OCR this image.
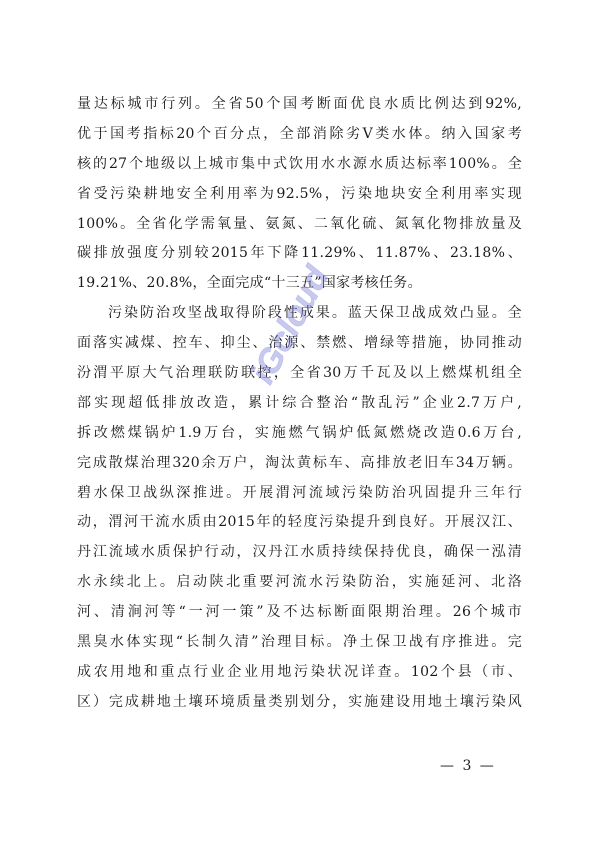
量达标城市行列。全省50个国考断面优良水质比例达到92%,
优于国考指标20个百分点，全部消除劣Ⅴ类水体。纳入国家考
核的27个地级以上城市集中式饮用水水源水质达标率100%。全
省受污染耕地安全利用率为92.5%，污染地块安全利用率实现
100%。全省化学需氧量、氨氮、二氧化硫、氮氧化物排放量及
碳排放强度分别较2015年下降11.29%、11.87%、23.18%、
19.21%、20.8%，全面完成“十三五”国家考核任务。
污染防治攻坚战取得阶段性成果。蓝天保卫战成效凸显。全
面落实减煤、控车、抑尘、治源、禁燃、增绿等措施，协同推动
汾渭平原大气治理联防联控，全省30万千瓦及以上燃煤机组全
部实现超低排放改造，累计综合整治“散乱污”企业2.7万户,
拆改燃煤锅炉1.9万台，实施燃气锅炉低氮燃烧改造0.6万台,
完成散煤治理320余万户，淘汰黄标车、高排放老旧车34万辆。
碧水保卫战纵深推进。开展渭河流域污染防治巩固提升三年行
动，渭河干流水质由2015年的轻度污染提升到良好。开展汉江、
丹江流域水质保护行动，汉丹江水质持续保持优良，确保一泓清
水永续北上。启动陕北重要河流水污染防治，实施延河、北洛
河、清涧河等“一河一策”及不达标断面限期治理。26个城市
黑臭水体实现“长制久清”治理目标。净土保卫战有序推进。完
成农用地和重点行业企业用地污染状况详查。102个县（市、
区）完成耕地土壤环境质量类别划分，实施建设用地土壤污染风
iGcloud
— 3 —
